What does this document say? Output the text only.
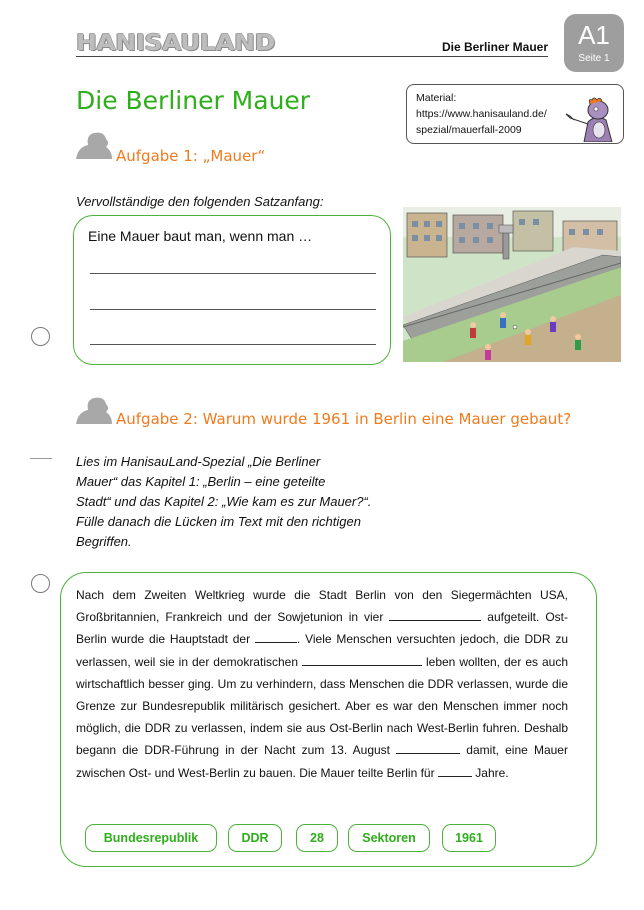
HANISAULAND	Die Berliner Mauer	A1
Seite 1
Die Berliner Mauer	Material:
https://www.hanisauland.de/
spezial/mauerfall-2009
Aufgabe 1: „Mauer“
Vervollständige den folgenden Satzanfang:
Eine Mauer baut man, wenn man …
Aufgabe 2: Warum wurde 1961 in Berlin eine Mauer gebaut?
Lies im HanisauLand-Spezial „Die Berliner
Mauer“ das Kapitel 1: „Berlin – eine geteilte
Stadt“ und das Kapitel 2: „Wie kam es zur Mauer?“.
Fülle danach die Lücken im Text mit den richtigen
Begriffen.
Nach dem Zweiten Weltkrieg wurde die Stadt Berlin von den Siegermächten USA, Großbritannien, Frankreich und der Sowjetunion in vier	aufgeteilt. Ost-Berlin wurde die Hauptstadt der	. Viele Menschen versuchten jedoch, die DDR zu verlassen, weil sie in der demokratischen	leben wollten, der es auch wirtschaftlich besser ging. Um zu verhindern, dass Menschen die DDR verlassen, wurde die Grenze zur Bundesrepublik militärisch gesichert. Aber es war den Menschen immer noch möglich, die DDR zu verlassen, indem sie aus Ost-Berlin nach West-Berlin fuhren. Deshalb begann die DDR-Führung in der Nacht zum 13. August	damit, eine Mauer zwischen Ost- und West-Berlin zu bauen. Die Mauer teilte Berlin für	Jahre.
Bundesrepublik	DDR	28	Sektoren	1961
